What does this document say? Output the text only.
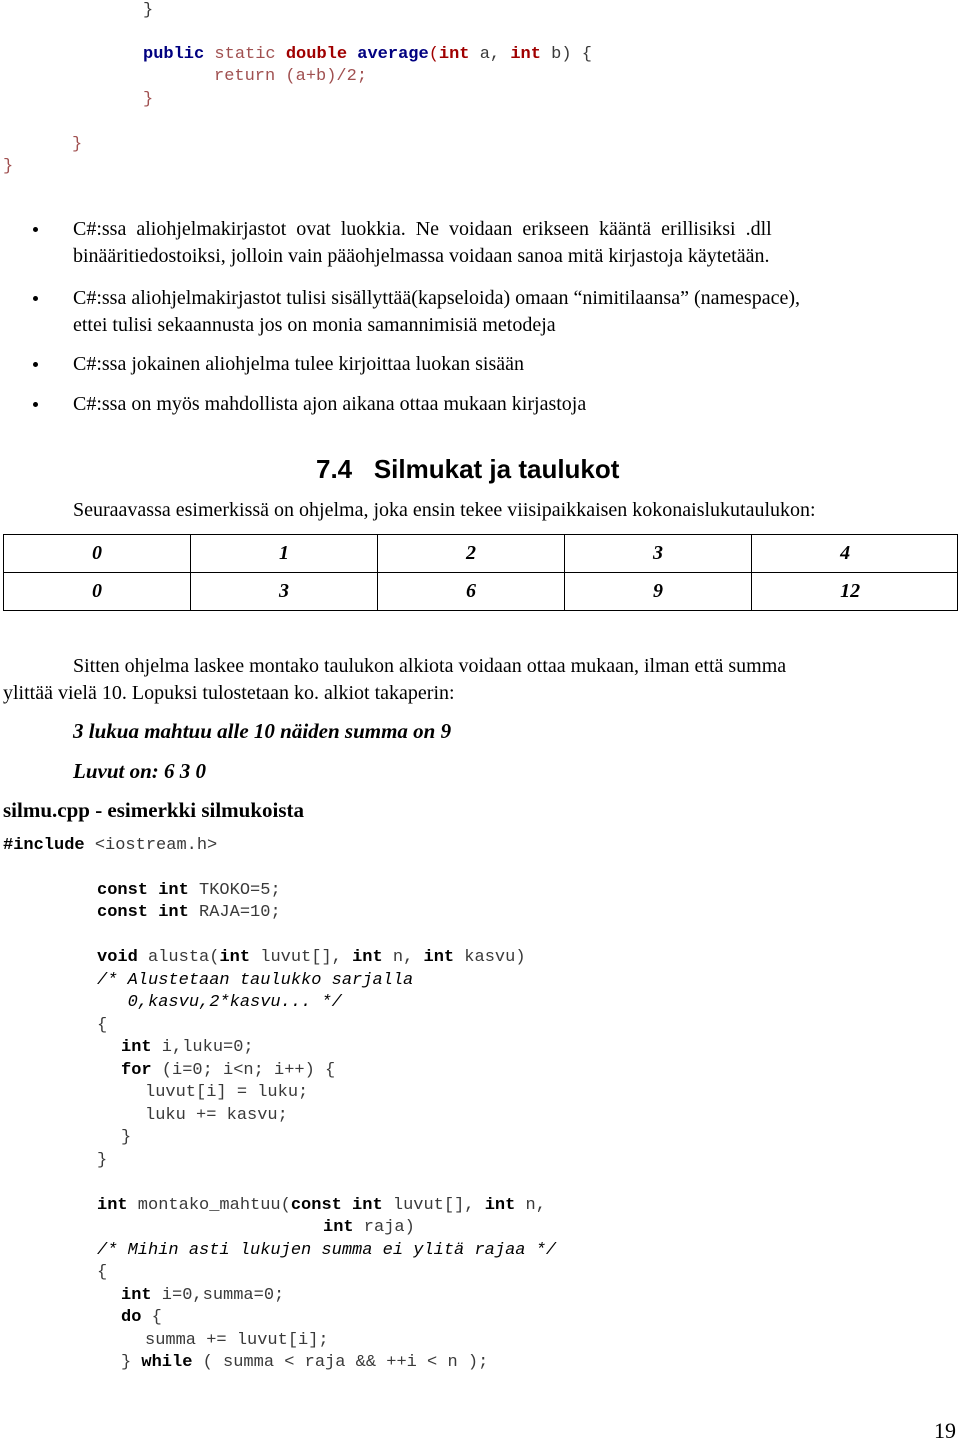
}
public static double average(int a, int b) {
return (a+b)/2;
}
}
}
C#:ssa  aliohjelmakirjastot  ovat  luokkia.  Ne  voidaan  erikseen  kääntä  erillisiksi  .dll
binääritiedostoiksi, jolloin vain pääohjelmassa voidaan sanoa mitä kirjastoja käytetään.
C#:ssa aliohjelmakirjastot tulisi sisällyttää(kapseloida) omaan “nimitilaansa” (namespace),
ettei tulisi sekaannusta jos on monia samannimisiä metodeja
C#:ssa jokainen aliohjelma tulee kirjoittaa luokan sisään
C#:ssa on myös mahdollista ajon aikana ottaa mukaan kirjastoja
7.4 Silmukat ja taulukot
Seuraavassa esimerkissä on ohjelma, joka ensin tekee viisipaikkaisen kokonaislukutaulukon:
0	1	2	3	4
0	3	6	9	12
Sitten ohjelma laskee montako taulukon alkiota voidaan ottaa mukaan, ilman että summa
ylittää vielä 10. Lopuksi tulostetaan ko. alkiot takaperin:
3 lukua mahtuu alle 10 näiden summa on 9
Luvut on: 6 3 0
silmu.cpp - esimerkki silmukoista
#include <iostream.h>
const int TKOKO=5;
const int RAJA=10;
void alusta(int luvut[], int n, int kasvu)
/* Alustetaan taulukko sarjalla
0,kasvu,2*kasvu... */
{
int i,luku=0;
for (i=0; i<n; i++) {
luvut[i] = luku;
luku += kasvu;
}
}
int montako_mahtuu(const int luvut[], int n,
int raja)
/* Mihin asti lukujen summa ei ylitä rajaa */
{
int i=0,summa=0;
do {
summa += luvut[i];
} while ( summa < raja && ++i < n );
19
